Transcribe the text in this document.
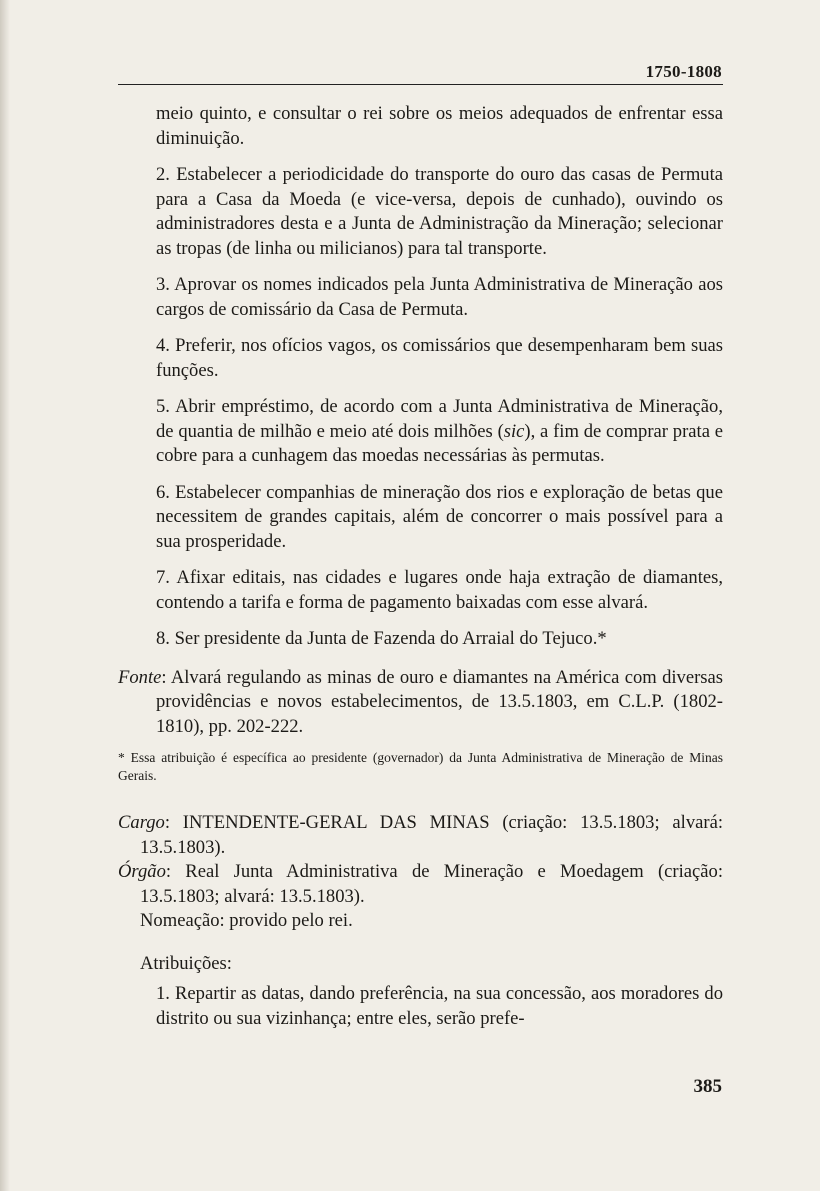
1750-1808

meio quinto, e consultar o rei sobre os meios adequados de enfrentar essa diminuição.

2. Estabelecer a periodicidade do transporte do ouro das casas de Permuta para a Casa da Moeda (e vice-versa, depois de cunhado), ouvindo os administradores desta e a Junta de Administração da Mineração; selecionar as tropas (de linha ou milicianos) para tal transporte.

3. Aprovar os nomes indicados pela Junta Administrativa de Mineração aos cargos de comissário da Casa de Permuta.

4. Preferir, nos ofícios vagos, os comissários que desempenharam bem suas funções.

5. Abrir empréstimo, de acordo com a Junta Administrativa de Mineração, de quantia de milhão e meio até dois milhões (sic), a fim de comprar prata e cobre para a cunhagem das moedas necessárias às permutas.

6. Estabelecer companhias de mineração dos rios e exploração de betas que necessitem de grandes capitais, além de concorrer o mais possível para a sua prosperidade.

7. Afixar editais, nas cidades e lugares onde haja extração de diamantes, contendo a tarifa e forma de pagamento baixadas com esse alvará.

8. Ser presidente da Junta de Fazenda do Arraial do Tejuco.*

Fonte: Alvará regulando as minas de ouro e diamantes na América com diversas providências e novos estabelecimentos, de 13.5.1803, em C.L.P. (1802-1810), pp. 202-222.

* Essa atribuição é específica ao presidente (governador) da Junta Administrativa de Mineração de Minas Gerais.

Cargo: INTENDENTE-GERAL DAS MINAS (criação: 13.5.1803; alvará: 13.5.1803).

Órgão: Real Junta Administrativa de Mineração e Moedagem (criação: 13.5.1803; alvará: 13.5.1803).

Nomeação: provido pelo rei.

Atribuições:

1. Repartir as datas, dando preferência, na sua concessão, aos moradores do distrito ou sua vizinhança; entre eles, serão prefe-

385
